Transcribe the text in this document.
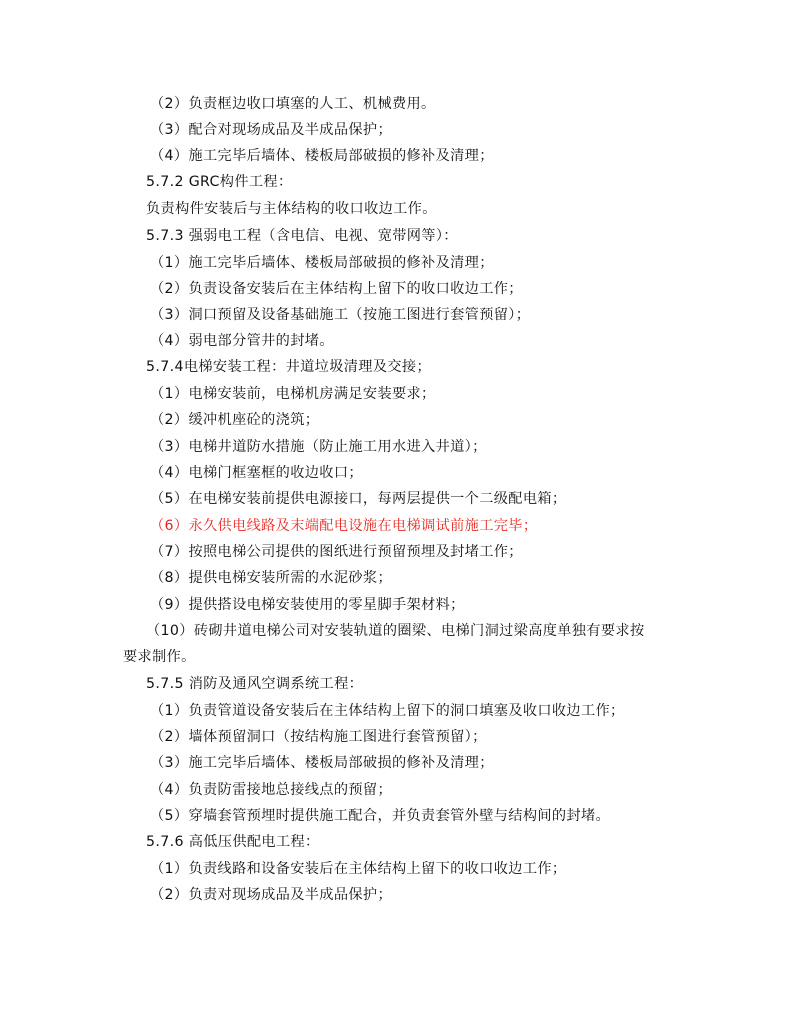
（2）负责框边收口填塞的人工、机械费用。
（3）配合对现场成品及半成品保护；
（4）施工完毕后墙体、楼板局部破损的修补及清理；
5.7.2 GRC构件工程：
负责构件安装后与主体结构的收口收边工作。
5.7.3 强弱电工程（含电信、电视、宽带网等）：
（1）施工完毕后墙体、楼板局部破损的修补及清理；
（2）负责设备安装后在主体结构上留下的收口收边工作；
（3）洞口预留及设备基础施工（按施工图进行套管预留）；
（4）弱电部分管井的封堵。
5.7.4电梯安装工程：井道垃圾清理及交接；
（1）电梯安装前，电梯机房满足安装要求；
（2）缓冲机座砼的浇筑；
（3）电梯井道防水措施（防止施工用水进入井道）；
（4）电梯门框塞框的收边收口；
（5）在电梯安装前提供电源接口，每两层提供一个二级配电箱；
（6）永久供电线路及末端配电设施在电梯调试前施工完毕；
（7）按照电梯公司提供的图纸进行预留预埋及封堵工作；
（8）提供电梯安装所需的水泥砂浆；
（9）提供搭设电梯安装使用的零星脚手架材料；
（10）砖砌井道电梯公司对安装轨道的圈梁、电梯门洞过梁高度单独有要求按
要求制作。
5.7.5 消防及通风空调系统工程：
（1）负责管道设备安装后在主体结构上留下的洞口填塞及收口收边工作；
（2）墙体预留洞口（按结构施工图进行套管预留）；
（3）施工完毕后墙体、楼板局部破损的修补及清理；
（4）负责防雷接地总接线点的预留；
（5）穿墙套管预埋时提供施工配合，并负责套管外壁与结构间的封堵。
5.7.6 高低压供配电工程：
（1）负责线路和设备安装后在主体结构上留下的收口收边工作；
（2）负责对现场成品及半成品保护；
